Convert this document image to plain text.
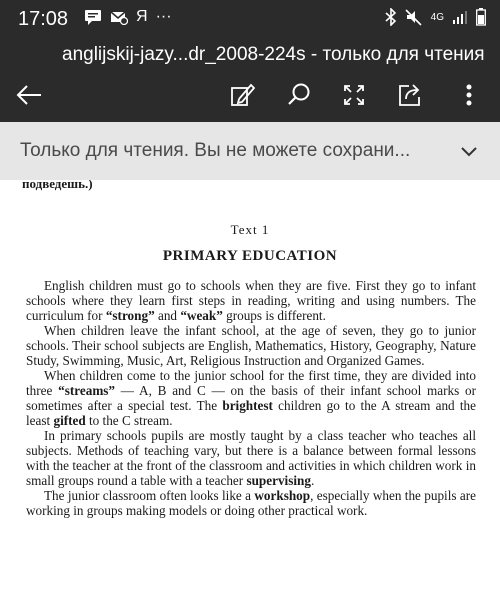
17:08	Я ···	4G
anglijskij-jazy...dr_2008-224s - только для чтения
Только для чтения. Вы не можете сохрани...
подведешь.)
Text 1
PRIMARY EDUCATION

English children must go to schools when they are five. First they go to infant schools where they learn first steps in reading, writing and using numbers. The curriculum for “strong” and “weak” groups is different.

When children leave the infant school, at the age of seven, they go to junior schools. Their school subjects are English, Mathematics, History, Geography, Nature Study, Swimming, Music, Art, Religious Instruction and Organized Games.

When children come to the junior school for the first time, they are divided into three “streams” — A, B and C — on the basis of their infant school marks or sometimes after a special test. The brightest children go to the A stream and the least gifted to the C stream.

In primary schools pupils are mostly taught by a class teacher who teaches all subjects. Methods of teaching vary, but there is a balance between formal lessons with the teacher at the front of the classroom and activities in which children work in small groups round a table with a teacher supervising.

The junior classroom often looks like a workshop, especially when the pupils are working in groups making models or doing other practical work.
